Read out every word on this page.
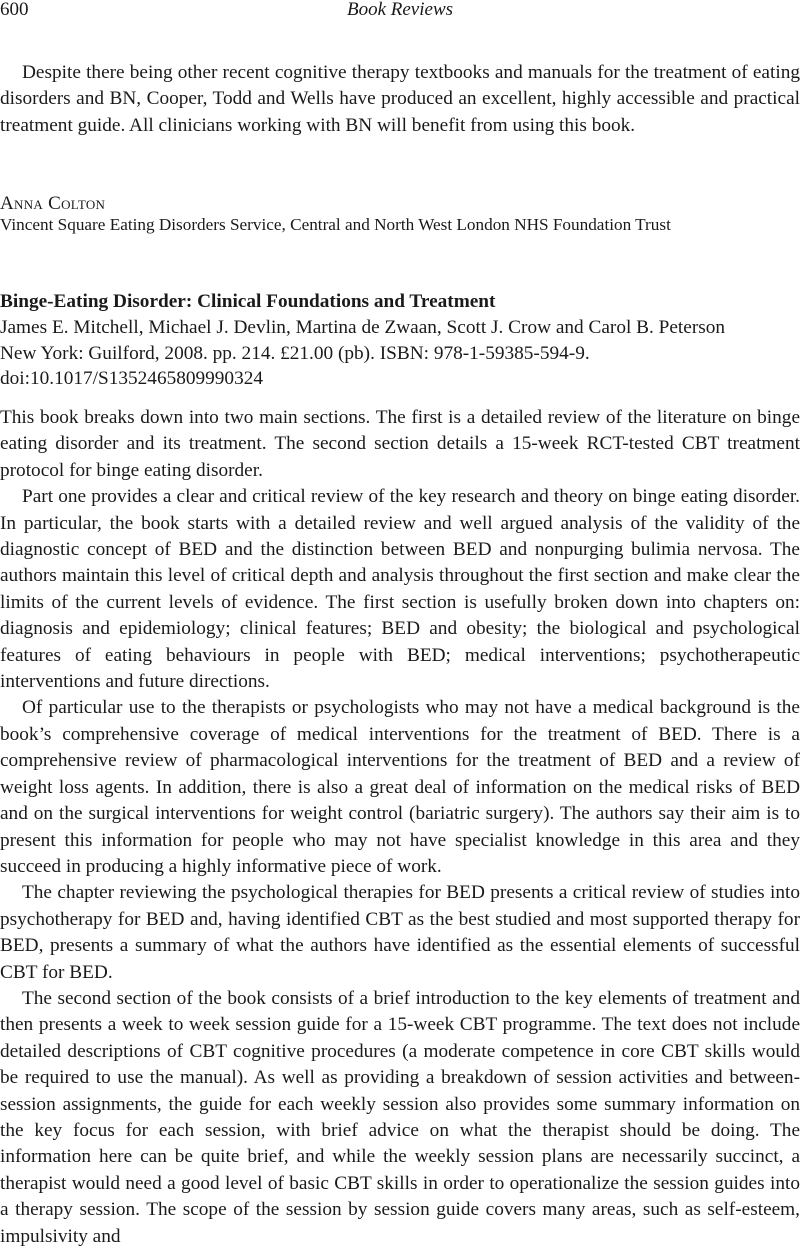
600	Book Reviews

Despite there being other recent cognitive therapy textbooks and manuals for the treatment of eating disorders and BN, Cooper, Todd and Wells have produced an excellent, highly accessible and practical treatment guide. All clinicians working with BN will benefit from using this book.

Anna Colton
Vincent Square Eating Disorders Service, Central and North West London NHS Foundation Trust

Binge-Eating Disorder: Clinical Foundations and Treatment

James E. Mitchell, Michael J. Devlin, Martina de Zwaan, Scott J. Crow and Carol B. Peterson

New York: Guilford, 2008. pp. 214. £21.00 (pb). ISBN: 978-1-59385-594-9.

doi:10.1017/S1352465809990324

This book breaks down into two main sections. The first is a detailed review of the literature on binge eating disorder and its treatment. The second section details a 15-week RCT-tested CBT treatment protocol for binge eating disorder.

Part one provides a clear and critical review of the key research and theory on binge eating disorder. In particular, the book starts with a detailed review and well argued analysis of the validity of the diagnostic concept of BED and the distinction between BED and nonpurging bulimia nervosa. The authors maintain this level of critical depth and analysis throughout the first section and make clear the limits of the current levels of evidence. The first section is usefully broken down into chapters on: diagnosis and epidemiology; clinical features; BED and obesity; the biological and psychological features of eating behaviours in people with BED; medical interventions; psychotherapeutic interventions and future directions.

Of particular use to the therapists or psychologists who may not have a medical background is the book’s comprehensive coverage of medical interventions for the treatment of BED. There is a comprehensive review of pharmacological interventions for the treatment of BED and a review of weight loss agents. In addition, there is also a great deal of information on the medical risks of BED and on the surgical interventions for weight control (bariatric surgery). The authors say their aim is to present this information for people who may not have specialist knowledge in this area and they succeed in producing a highly informative piece of work.

The chapter reviewing the psychological therapies for BED presents a critical review of studies into psychotherapy for BED and, having identified CBT as the best studied and most supported therapy for BED, presents a summary of what the authors have identified as the essential elements of successful CBT for BED.

The second section of the book consists of a brief introduction to the key elements of treatment and then presents a week to week session guide for a 15-week CBT programme. The text does not include detailed descriptions of CBT cognitive procedures (a moderate competence in core CBT skills would be required to use the manual). As well as providing a breakdown of session activities and between-session assignments, the guide for each weekly session also provides some summary information on the key focus for each session, with brief advice on what the therapist should be doing. The information here can be quite brief, and while the weekly session plans are necessarily succinct, a therapist would need a good level of basic CBT skills in order to operationalize the session guides into a therapy session. The scope of the session by session guide covers many areas, such as self-esteem, impulsivity and
